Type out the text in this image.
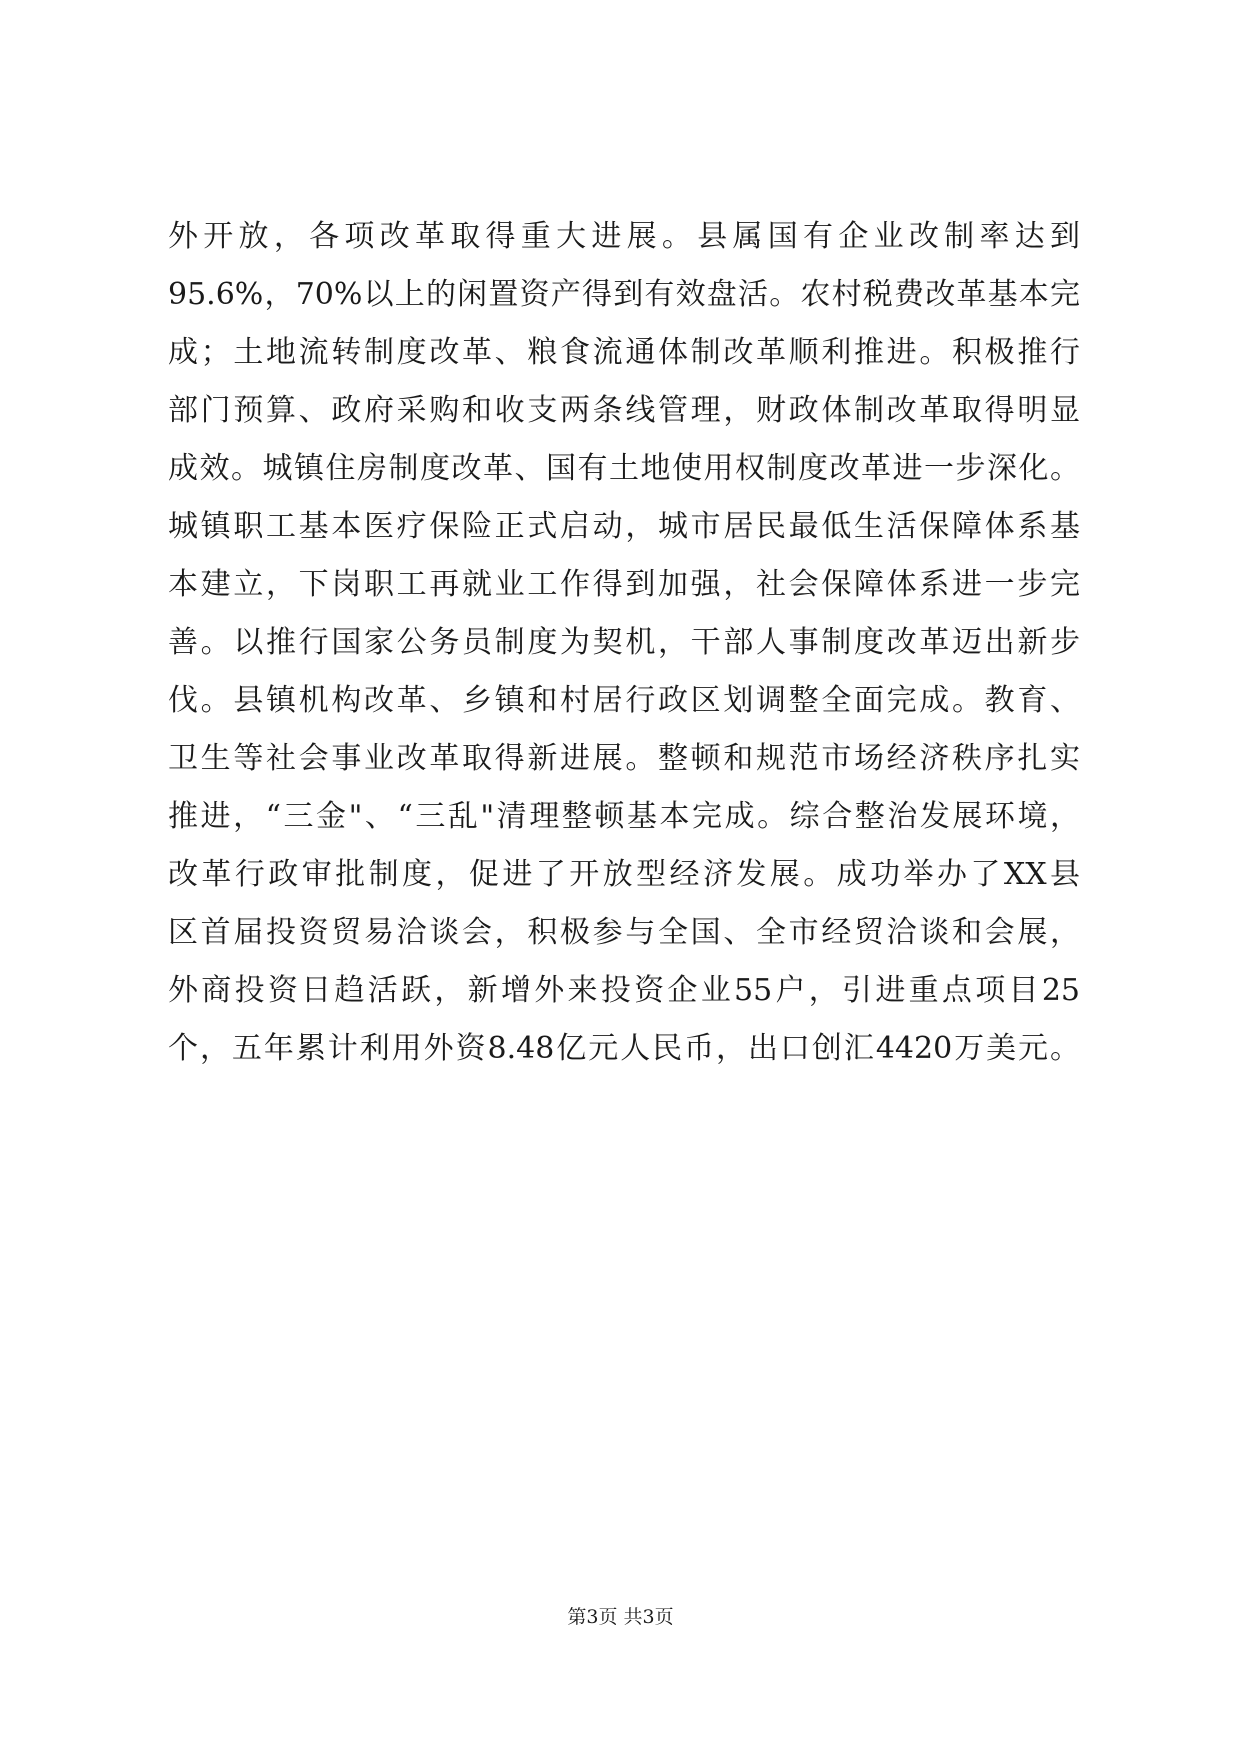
外开放，各项改革取得重大进展。县属国有企业改制率达到
95.6%，70%以上的闲置资产得到有效盘活。农村税费改革基本完
成；土地流转制度改革、粮食流通体制改革顺利推进。积极推行
部门预算、政府采购和收支两条线管理，财政体制改革取得明显
成效。城镇住房制度改革、国有土地使用权制度改革进一步深化。
城镇职工基本医疗保险正式启动，城市居民最低生活保障体系基
本建立，下岗职工再就业工作得到加强，社会保障体系进一步完
善。以推行国家公务员制度为契机，干部人事制度改革迈出新步
伐。县镇机构改革、乡镇和村居行政区划调整全面完成。教育、
卫生等社会事业改革取得新进展。整顿和规范市场经济秩序扎实
推进，“三金"、“三乱"清理整顿基本完成。综合整治发展环境，
改革行政审批制度，促进了开放型经济发展。成功举办了XX县
区首届投资贸易洽谈会，积极参与全国、全市经贸洽谈和会展，
外商投资日趋活跃，新增外来投资企业55户，引进重点项目25
个，五年累计利用外资8.48亿元人民币，出口创汇4420万美元。
第3页 共3页
